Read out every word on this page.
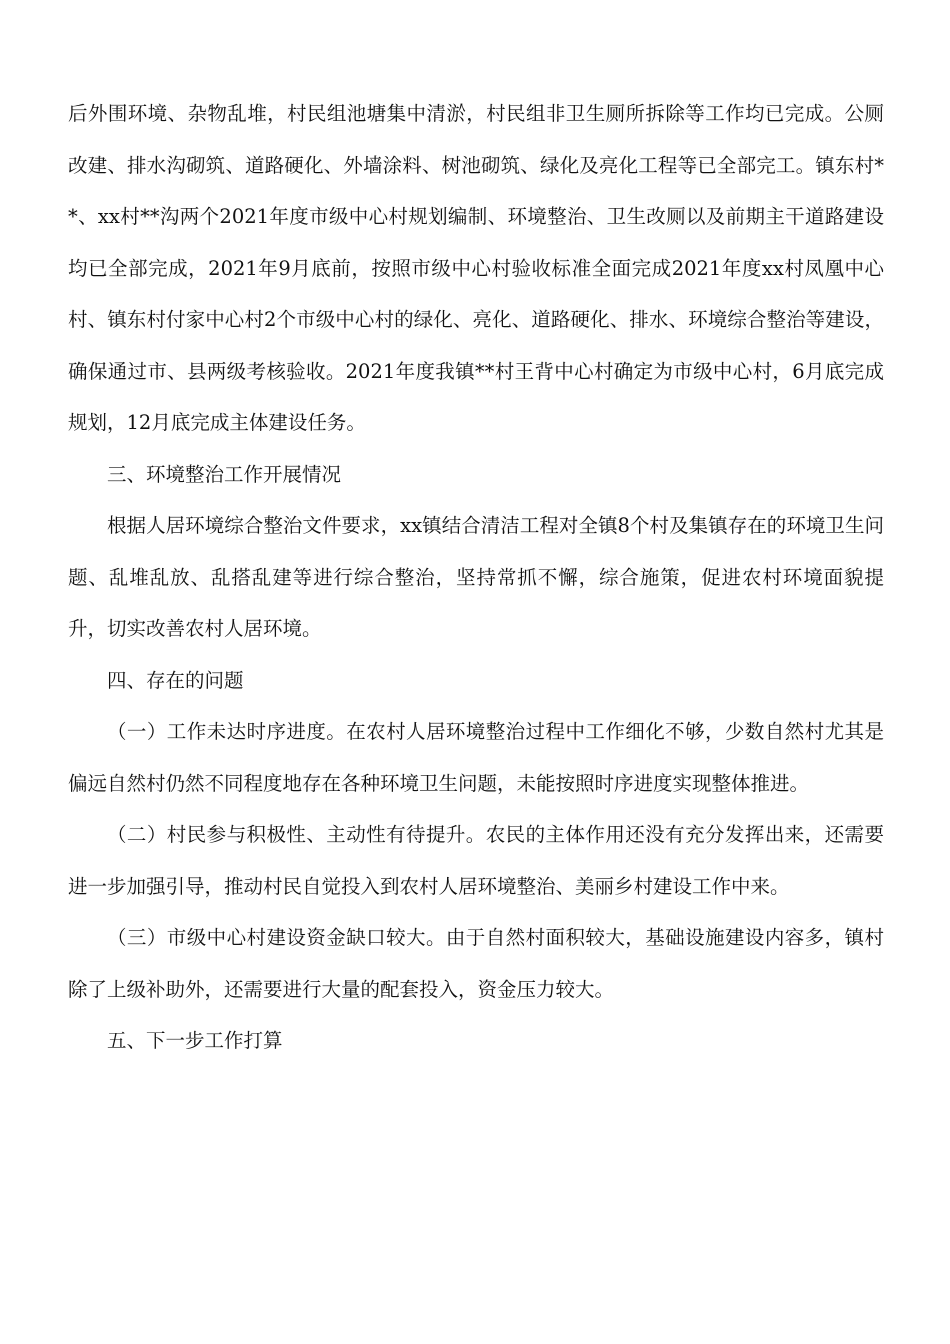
后外围环境、杂物乱堆，村民组池塘集中清淤，村民组非卫生厕所拆除等工作均已完成。公厕改建、排水沟砌筑、道路硬化、外墙涂料、树池砌筑、绿化及亮化工程等已全部完工。镇东村**、xx村**沟两个2021年度市级中心村规划编制、环境整治、卫生改厕以及前期主干道路建设均已全部完成，2021年9月底前，按照市级中心村验收标准全面完成2021年度xx村凤凰中心村、镇东村付家中心村2个市级中心村的绿化、亮化、道路硬化、排水、环境综合整治等建设，确保通过市、县两级考核验收。2021年度我镇**村王背中心村确定为市级中心村，6月底完成规划，12月底完成主体建设任务。

三、环境整治工作开展情况

根据人居环境综合整治文件要求，xx镇结合清洁工程对全镇8个村及集镇存在的环境卫生问题、乱堆乱放、乱搭乱建等进行综合整治，坚持常抓不懈，综合施策，促进农村环境面貌提升，切实改善农村人居环境。

四、存在的问题

（一）工作未达时序进度。在农村人居环境整治过程中工作细化不够，少数自然村尤其是偏远自然村仍然不同程度地存在各种环境卫生问题，未能按照时序进度实现整体推进。

（二）村民参与积极性、主动性有待提升。农民的主体作用还没有充分发挥出来，还需要进一步加强引导，推动村民自觉投入到农村人居环境整治、美丽乡村建设工作中来。

（三）市级中心村建设资金缺口较大。由于自然村面积较大，基础设施建设内容多，镇村除了上级补助外，还需要进行大量的配套投入，资金压力较大。

五、下一步工作打算
